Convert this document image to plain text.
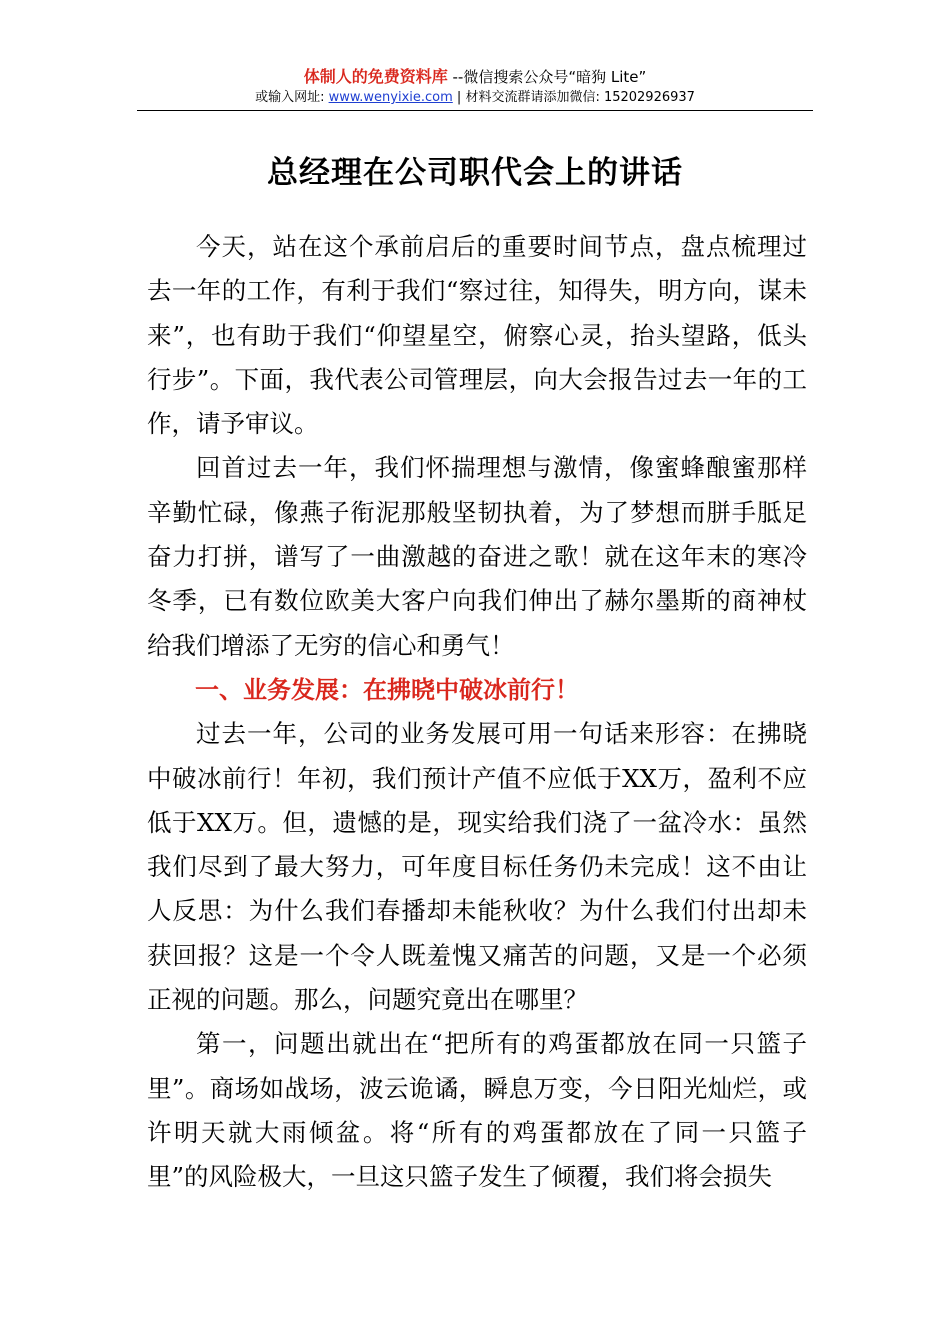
体制人的免费资料库 --微信搜索公众号“暗狗 Lite”
或输入网址: www.wenyixie.com | 材料交流群请添加微信: 15202926937
总经理在公司职代会上的讲话

今天，站在这个承前启后的重要时间节点，盘点梳理过去一年的工作，有利于我们“察过往，知得失，明方向，谋未来”，也有助于我们“仰望星空，俯察心灵，抬头望路，低头行步”。下面，我代表公司管理层，向大会报告过去一年的工作，请予审议。

回首过去一年，我们怀揣理想与激情，像蜜蜂酿蜜那样辛勤忙碌，像燕子衔泥那般坚韧执着，为了梦想而胼手胝足奋力打拼，谱写了一曲激越的奋进之歌！就在这年末的寒冷冬季，已有数位欧美大客户向我们伸出了赫尔墨斯的商神杖给我们增添了无穷的信心和勇气！

一、业务发展：在拂晓中破冰前行！

过去一年，公司的业务发展可用一句话来形容：在拂晓中破冰前行！年初，我们预计产值不应低于XX万，盈利不应低于XX万。但，遗憾的是，现实给我们浇了一盆冷水：虽然我们尽到了最大努力，可年度目标任务仍未完成！这不由让人反思：为什么我们春播却未能秋收？为什么我们付出却未获回报？这是一个令人既羞愧又痛苦的问题，又是一个必须正视的问题。那么，问题究竟出在哪里？

第一，问题出就出在“把所有的鸡蛋都放在同一只篮子里”。商场如战场，波云诡谲，瞬息万变，今日阳光灿烂，或许明天就大雨倾盆。将“所有的鸡蛋都放在了同一只篮子里”的风险极大，一旦这只篮子发生了倾覆，我们将会损失
